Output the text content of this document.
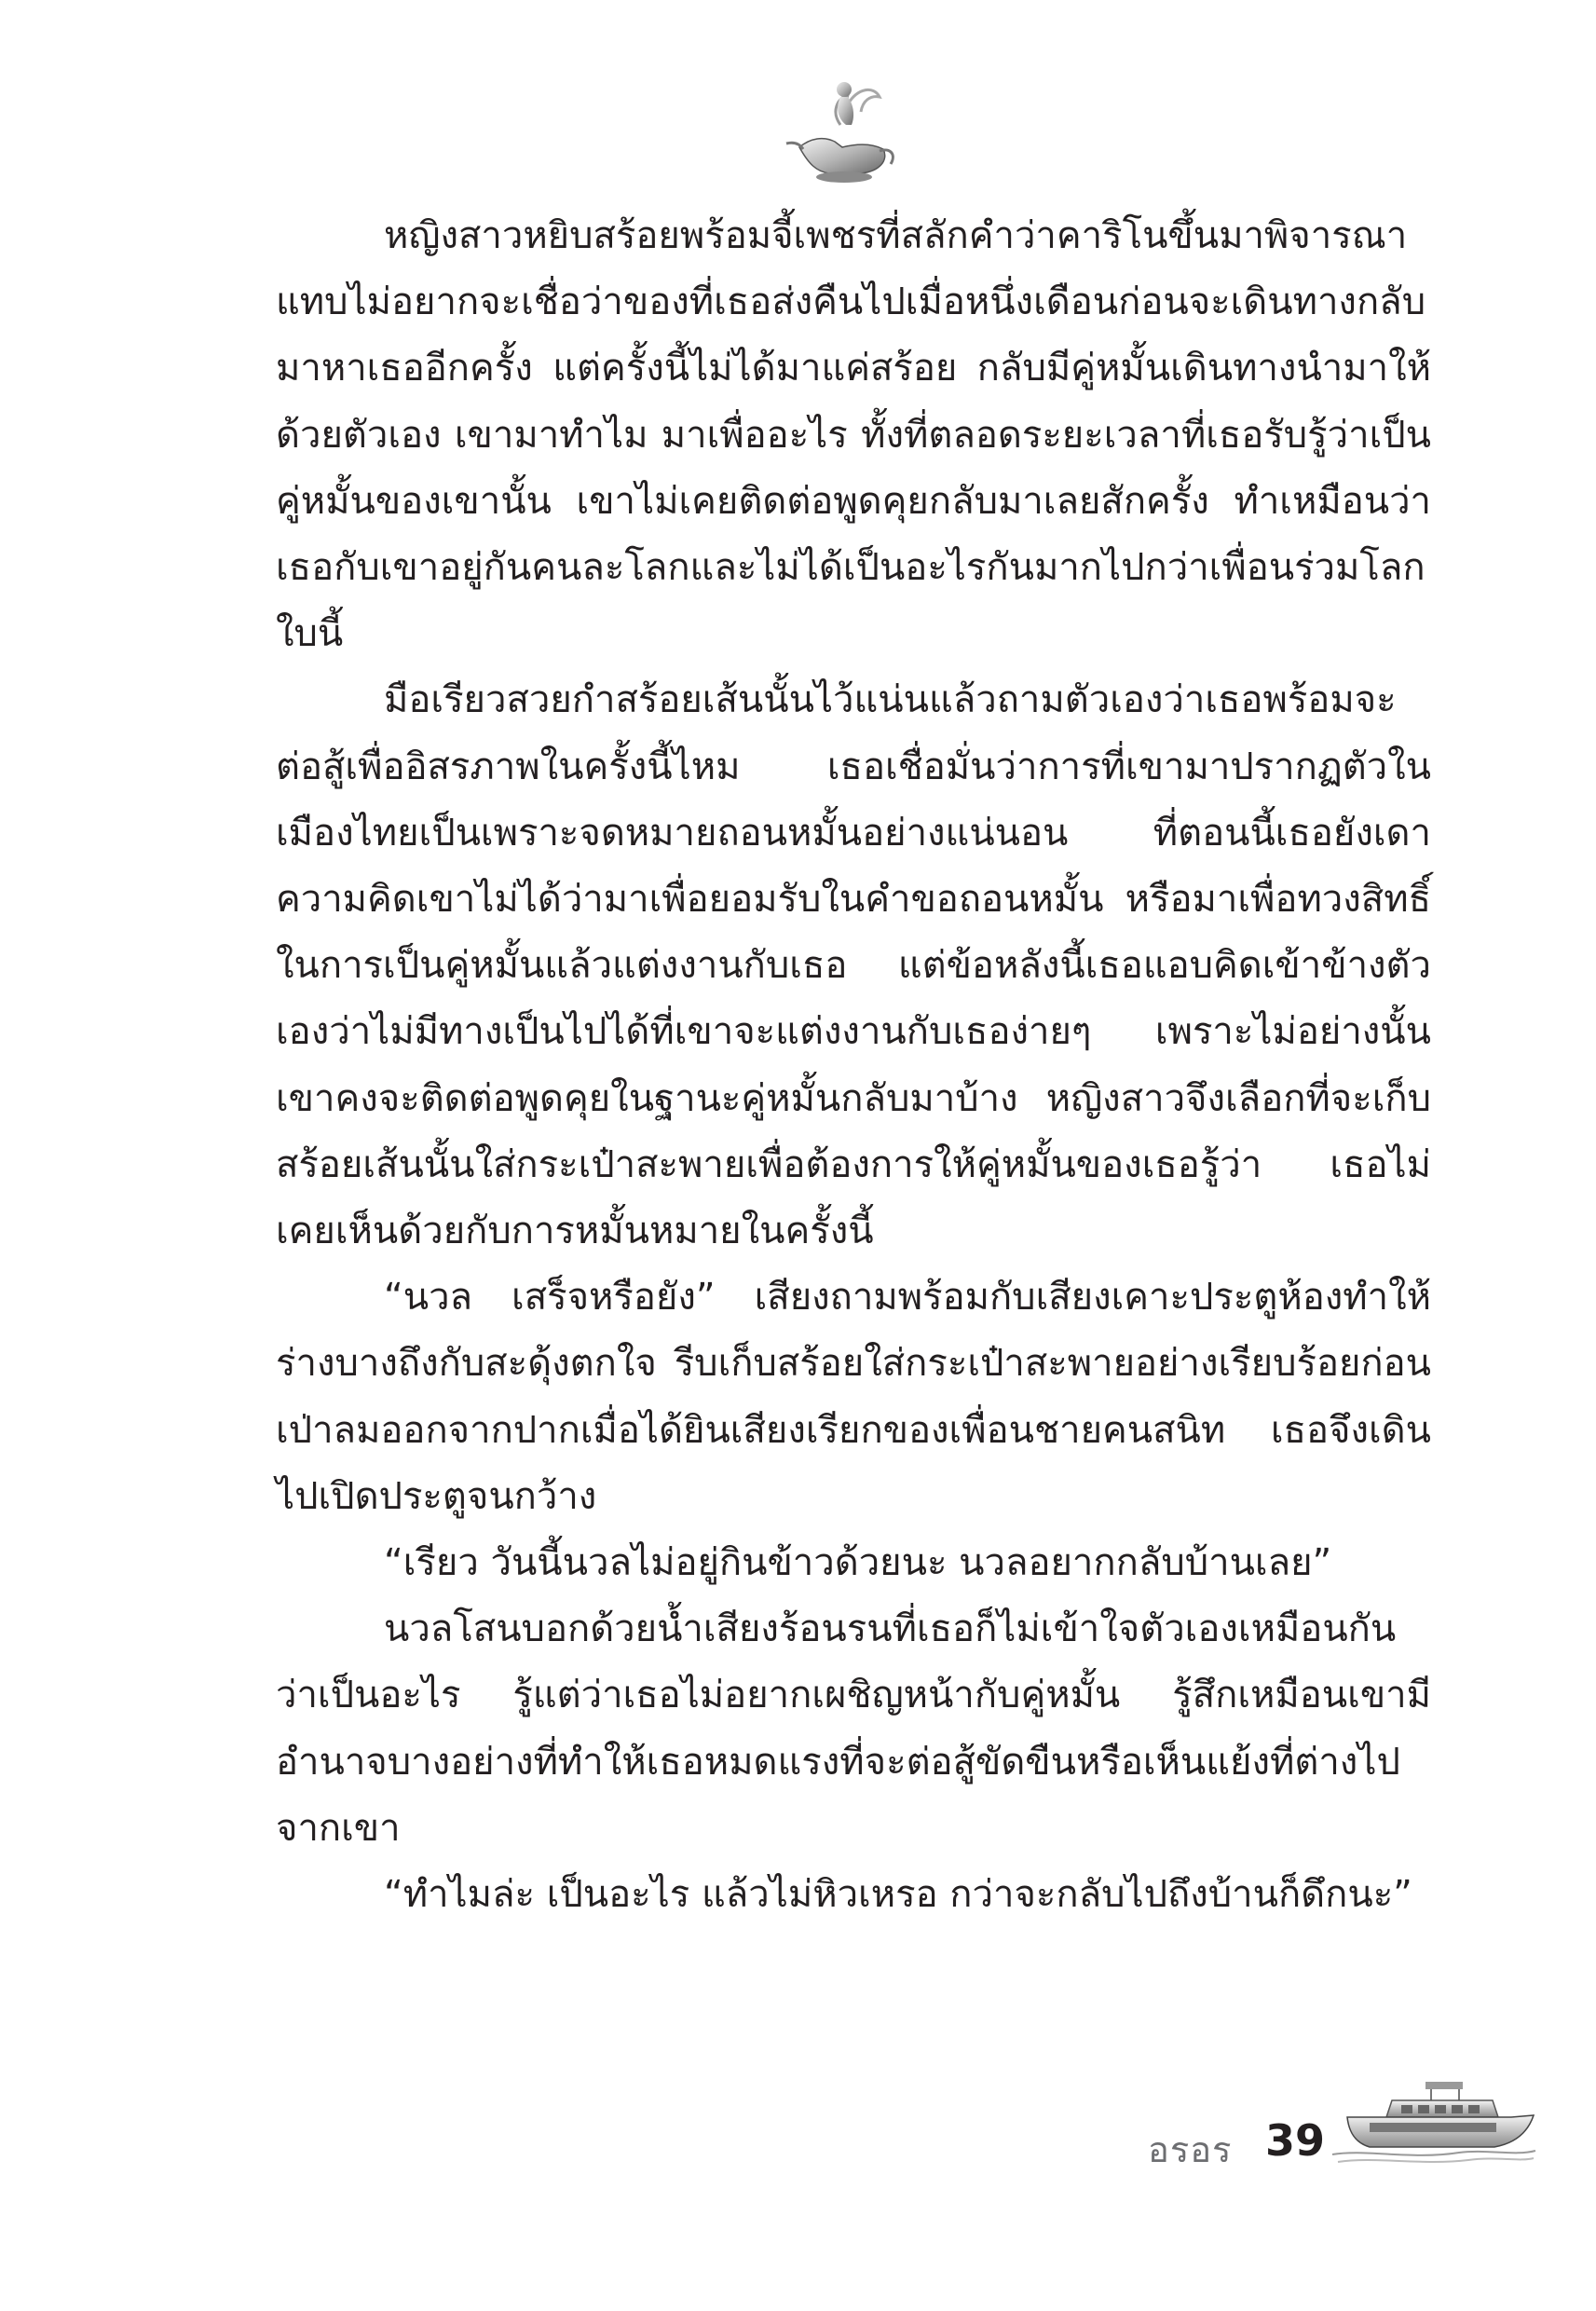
หญิงสาวหยิบสร้อยพร้อมจี้เพชรที่สลักคำว่าคาริโนขึ้นมาพิจารณา แทบไม่อยากจะเชื่อว่าของที่เธอส่งคืนไปเมื่อหนึ่งเดือนก่อนจะเดินทางกลับมาหาเธออีกครั้ง แต่ครั้งนี้ไม่ได้มาแค่สร้อย กลับมีคู่หมั้นเดินทางนำมาให้ด้วยตัวเอง เขามาทำไม มาเพื่ออะไร ทั้งที่ตลอดระยะเวลาที่เธอรับรู้ว่าเป็นคู่หมั้นของเขานั้น เขาไม่เคยติดต่อพูดคุยกลับมาเลยสักครั้ง ทำเหมือนว่าเธอกับเขาอยู่กันคนละโลกและไม่ได้เป็นอะไรกันมากไปกว่าเพื่อนร่วมโลกใบนี้

มือเรียวสวยกำสร้อยเส้นนั้นไว้แน่นแล้วถามตัวเองว่าเธอพร้อมจะต่อสู้เพื่ออิสรภาพในครั้งนี้ไหม เธอเชื่อมั่นว่าการที่เขามาปรากฏตัวในเมืองไทยเป็นเพราะจดหมายถอนหมั้นอย่างแน่นอน ที่ตอนนี้เธอยังเดาความคิดเขาไม่ได้ว่ามาเพื่อยอมรับในคำขอถอนหมั้น หรือมาเพื่อทวงสิทธิ์ในการเป็นคู่หมั้นแล้วแต่งงานกับเธอ แต่ข้อหลังนี้เธอแอบคิดเข้าข้างตัวเองว่าไม่มีทางเป็นไปได้ที่เขาจะแต่งงานกับเธอง่ายๆ เพราะไม่อย่างนั้นเขาคงจะติดต่อพูดคุยในฐานะคู่หมั้นกลับมาบ้าง หญิงสาวจึงเลือกที่จะเก็บสร้อยเส้นนั้นใส่กระเป๋าสะพายเพื่อต้องการให้คู่หมั้นของเธอรู้ว่า เธอไม่เคยเห็นด้วยกับการหมั้นหมายในครั้งนี้

“นวล เสร็จหรือยัง” เสียงถามพร้อมกับเสียงเคาะประตูห้องทำให้ร่างบางถึงกับสะดุ้งตกใจ รีบเก็บสร้อยใส่กระเป๋าสะพายอย่างเรียบร้อยก่อนเป่าลมออกจากปากเมื่อได้ยินเสียงเรียกของเพื่อนชายคนสนิท เธอจึงเดินไปเปิดประตูจนกว้าง

“เรียว วันนี้นวลไม่อยู่กินข้าวด้วยนะ นวลอยากกลับบ้านเลย”

นวลโสนบอกด้วยน้ำเสียงร้อนรนที่เธอก็ไม่เข้าใจตัวเองเหมือนกันว่าเป็นอะไร รู้แต่ว่าเธอไม่อยากเผชิญหน้ากับคู่หมั้น รู้สึกเหมือนเขามีอำนาจบางอย่างที่ทำให้เธอหมดแรงที่จะต่อสู้ขัดขืนหรือเห็นแย้งที่ต่างไปจากเขา

“ทำไมล่ะ เป็นอะไร แล้วไม่หิวเหรอ กว่าจะกลับไปถึงบ้านก็ดึกนะ”

อรอร 39
